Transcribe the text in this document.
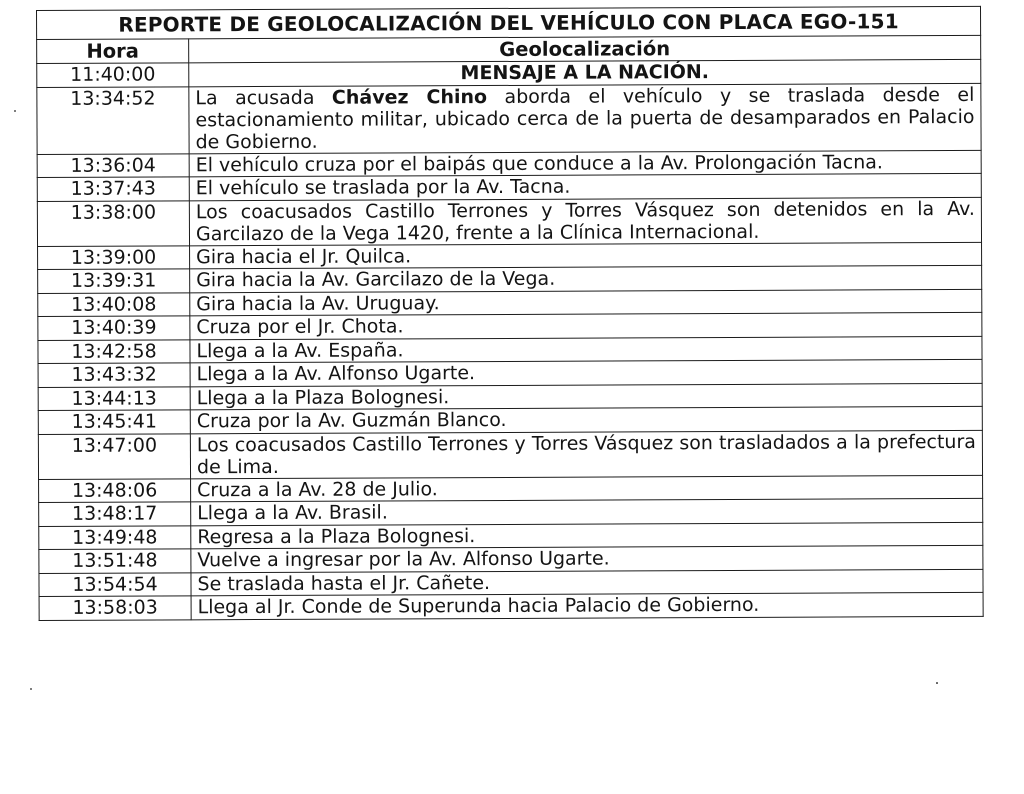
REPORTE DE GEOLOCALIZACIÓN DEL VEHÍCULO CON PLACA EGO-151	
Hora	Geolocalización
11:40:00	MENSAJE A LA NACIÓN.
13:34:52	La acusada Chávez Chino aborda el vehículo y se traslada desde el estacionamiento militar, ubicado cerca de la puerta de desamparados en Palacio de Gobierno.
13:36:04	El vehículo cruza por el baipás que conduce a la Av. Prolongación Tacna.
13:37:43	El vehículo se traslada por la Av. Tacna.
13:38:00	Los coacusados Castillo Terrones y Torres Vásquez son detenidos en la Av. Garcilazo de la Vega 1420, frente a la Clínica Internacional.
13:39:00	Gira hacia el Jr. Quilca.
13:39:31	Gira hacia la Av. Garcilazo de la Vega.
13:40:08	Gira hacia la Av. Uruguay.
13:40:39	Cruza por el Jr. Chota.
13:42:58	Llega a la Av. España.
13:43:32	Llega a la Av. Alfonso Ugarte.
13:44:13	Llega a la Plaza Bolognesi.
13:45:41	Cruza por la Av. Guzmán Blanco.
13:47:00	Los coacusados Castillo Terrones y Torres Vásquez son trasladados a la prefectura de Lima.
13:48:06	Cruza a la Av. 28 de Julio.
13:48:17	Llega a la Av. Brasil.
13:49:48	Regresa a la Plaza Bolognesi.
13:51:48	Vuelve a ingresar por la Av. Alfonso Ugarte.
13:54:54	Se traslada hasta el Jr. Cañete.
13:58:03	Llega al Jr. Conde de Superunda hacia Palacio de Gobierno.
